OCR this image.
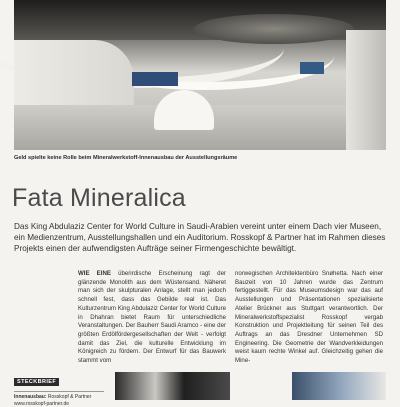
Geld spielte keine Rolle beim Mineralwerkstoff-Innenausbau der Ausstellungsräume
Fata Mineralica

Das King Abdulaziz Center for World Culture in Saudi-Arabien vereint unter einem Dach vier Museen, ein Medienzentrum, Ausstellungshallen und ein Auditorium. Rosskopf & Partner hat im Rahmen dieses Projekts einen der aufwendigsten Aufträge seiner Firmengeschichte bewältigt.

WIE EINE überirdische Erscheinung ragt der glänzende Monolith aus dem Wüstensand. Näheret man sich der skulpturalen Anlage, stellt man jedoch schnell fest, dass das Gebilde real ist. Das Kulturzentrum King Abdulaziz Center for World Culture in Dhahran bietet Raum für unterschiedliche Veranstaltungen. Der Bauherr Saudi Aramco - eine der größten Erdölfördergesellschaften der Welt - verfolgt damit das Ziel, die kulturelle Entwicklung im Königreich zu fördern. Der Entwurf für das Bauwerk stammt vom

norwegischen Architektenbüro Snøhetta. Nach einer Bauzeit von 10 Jahren wurde das Zentrum fertiggestellt. Für das Museumsdesign war das auf Ausstellungen und Präsentationen spezialisierte Atelier Brückner aus Stuttgart verantwortlich. Der Mineralwerkstoffspezialist Rosskopf vergab Konstruktion und Projektleitung für seinen Teil des Auftrags an das Dresdner Unternehmen SD Engineering. Die Geometrie der Wandverkleidungen weist kaum rechte Winkel auf. Gleichzeitig gehen die Mine-

STECKBRIEF
Innenausbau: Rosskopf & Partner
www.rosskopf-partner.de
